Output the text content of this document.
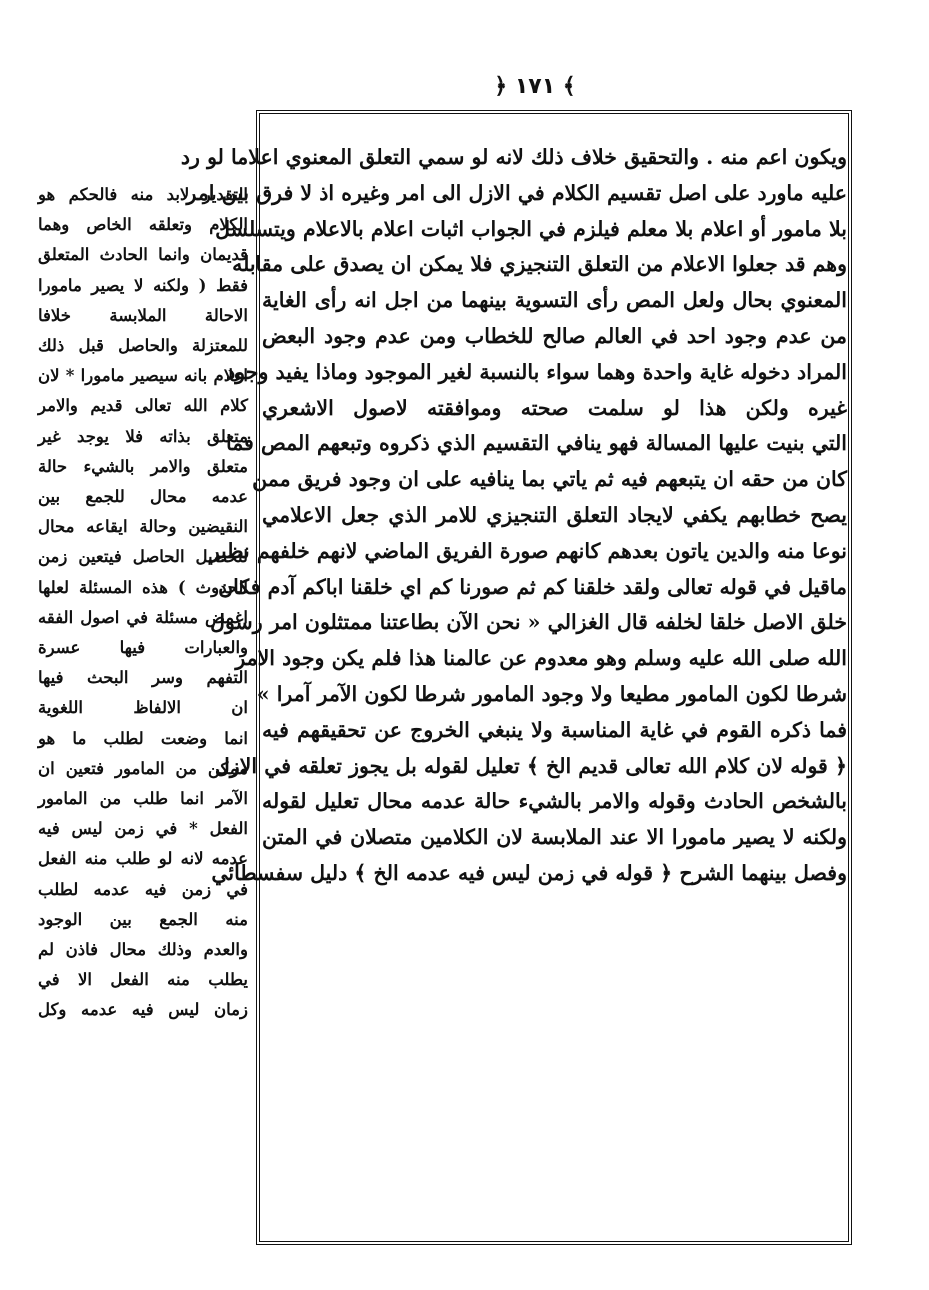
﴿ ١٧١ ﴾
ويكون اعم منه . والتحقيق خلاف ذلك لانه لو سمي التعلق المعنوي اعلاما لو رد
عليه ماورد على اصل تقسيم الكلام في الازل الى امر وغيره اذ لا فرق بين امر
بلا مامور أو اعلام بلا معلم فيلزم في الجواب اثبات اعلام بالاعلام ويتسلسل
وهم قد جعلوا الاعلام من التعلق التنجيزي فلا يمكن ان يصدق على مقابله
المعنوي بحال ولعل المص رأى التسوية بينهما من اجل انه رأى الغاية
من عدم وجود احد في العالم صالح للخطاب ومن عدم وجود البعض
المراد دخوله غاية واحدة وهما سواء بالنسبة لغير الموجود وماذا يفيد وجود
غيره ولكن هذا لو سلمت صحته وموافقته لاصول الاشعري
التي بنيت عليها المسالة فهو ينافي التقسيم الذي ذكروه وتبعهم المص فما
كان من حقه ان يتبعهم فيه ثم ياتي بما ينافيه على ان وجود فريق ممن
يصح خطابهم يكفي لايجاد التعلق التنجيزي للامر الذي جعل الاعلامي
نوعا منه والدين ياتون بعدهم كانهم صورة الفريق الماضي لانهم خلفهم نظير
ماقيل في قوله تعالى ولقد خلقنا كم ثم صورنا كم اي خلقنا اباكم آدم فكان
خلق الاصل خلقا لخلفه قال الغزالي « نحن الآن بطاعتنا ممتثلون امر رسول
الله صلى الله عليه وسلم وهو معدوم عن عالمنا هذا فلم يكن وجود الامر
شرطا لكون المامور مطيعا ولا وجود المامور شرطا لكون الآمر آمرا »
فما ذكره القوم في غاية المناسبة ولا ينبغي الخروج عن تحقيقهم فيه
﴿ قوله لان كلام الله تعالى قديم الخ ﴾ تعليل لقوله بل يجوز تعلقه في الازل
بالشخص الحادث وقوله والامر بالشيء حالة عدمه محال تعليل لقوله
ولكنه لا يصير مامورا الا عند الملابسة لان الكلامين متصلان في المتن
وفصل بينهما الشرح ﴿ قوله في زمن ليس فيه عدمه الخ ﴾ دليل سفسطائي
التقدير لابد منه فالحكم هو
الكلام وتعلقه الخاص وهما
قديمان وانما الحادث المتعلق
فقط ( ولكنه لا يصير مامورا
الاحالة الملابسة خلافا
للمعتزلة والحاصل قبل ذلك
اعلام بانه سيصير مامورا * لان
كلام الله تعالى قديم والامر
متعلق بذاته فلا يوجد غير
متعلق والامر بالشيء حالة
عدمه محال للجمع بين
النقيضين وحالة ايقاعه محال
لتحصيل الحاصل فيتعين زمن
الحدوث ) هذه المسئلة لعلها
اغمض مسئلة في اصول الفقه
والعبارات فيها عسرة
التفهم وسر البحث فيها
ان الالفاظ اللغوية
انما وضعت لطلب ما هو
ممكن من المامور فتعين ان
الآمر انما طلب من المامور
الفعل * في زمن ليس فيه
عدمه لانه لو طلب منه الفعل
في زمن فيه عدمه لطلب
منه الجمع بين الوجود
والعدم وذلك محال فاذن لم
يطلب منه الفعل الا في
زمان ليس فيه عدمه وكل
